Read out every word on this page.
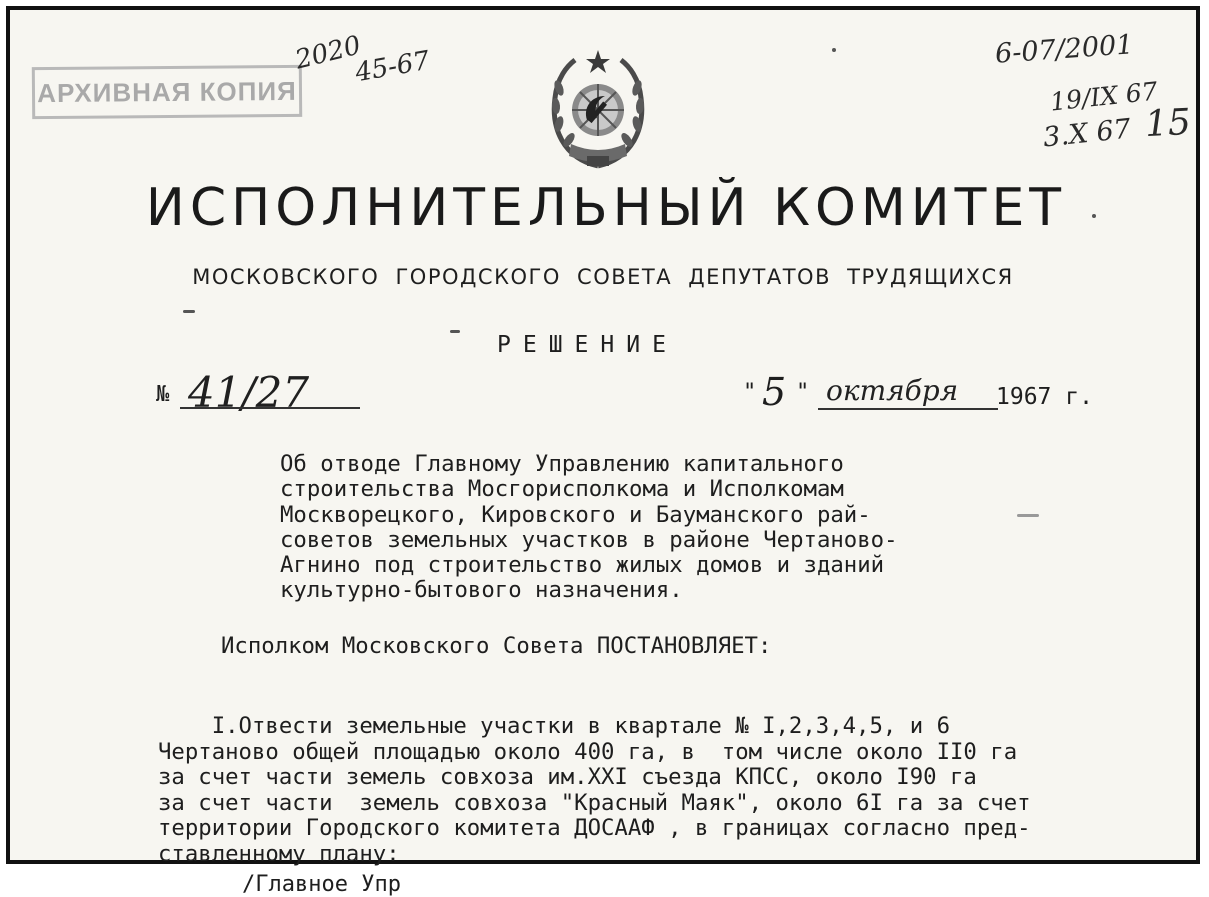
АРХИВНАЯ КОПИЯ
2020
45-67	6-07/2001
19/IX 67
3.X 67 15
ИСПОЛНИТЕЛЬНЫЙ КОМИТЕТ
МОСКОВСКОГО ГОРОДСКОГО СОВЕТА ДЕПУТАТОВ ТРУДЯЩИХСЯ
РЕШЕНИЕ
№ 41/27	" 5 " октября 1967 г.
Об отводе Главному Управлению капитального
строительства Мосгорисполкома и Исполкомам
Москворецкого, Кировского и Бауманского рай-
советов земельных участков в районе Чертаново-
Агнино под строительство жилых домов и зданий
культурно-бытового назначения.
Исполком Московского Совета ПОСТАНОВЛЯЕТ:
I.Отвести земельные участки в квартале № I,2,3,4,5, и 6
Чертаново общей площадью около 400 га, в  том числе около II0 га
за счет части земель совхоза им.XXI съезда КПСС, около I90 га
за счет части  земель совхоза "Красный Маяк", около 6I га за счет
территории Городского комитета ДОСААФ , в границах согласно пред-
ставленному плану:
/Главное Упр
